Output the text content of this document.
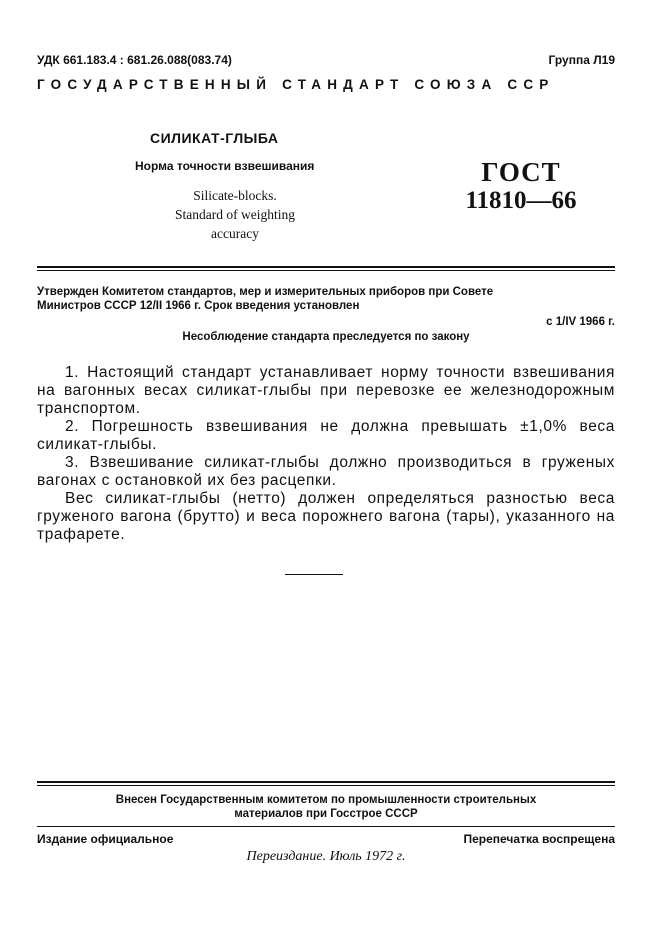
УДК 661.183.4 : 681.26.088(083.74)	Группа Л19
ГОСУДАРСТВЕННЫЙ СТАНДАРТ СОЮЗА ССР
СИЛИКАТ-ГЛЫБА
Норма точности взвешивания
Silicate-blocks.
Standard of weighting
accuracy
ГОСТ
11810—66
Утвержден Комитетом стандартов, мер и измерительных приборов при Совете
Министров СССР 12/II 1966 г. Срок введения установлен
с 1/IV 1966 г.
Несоблюдение стандарта преследуется по закону

1. Настоящий стандарт устанавливает норму точности взвешивания на вагонных весах силикат-глыбы при перевозке ее железнодорожным транспортом.

2. Погрешность взвешивания не должна превышать ±1,0% веса силикат-глыбы.

3. Взвешивание силикат-глыбы должно производиться в груженых вагонах с остановкой их без расцепки.

Вес силикат-глыбы (нетто) должен определяться разностью веса груженого вагона (брутто) и веса порожнего вагона (тары), указанного на трафарете.

Внесен Государственным комитетом по промышленности строительных
материалов при Госстрое СССР
Издание официальное	Перепечатка воспрещена
Переиздание. Июль 1972 г.
